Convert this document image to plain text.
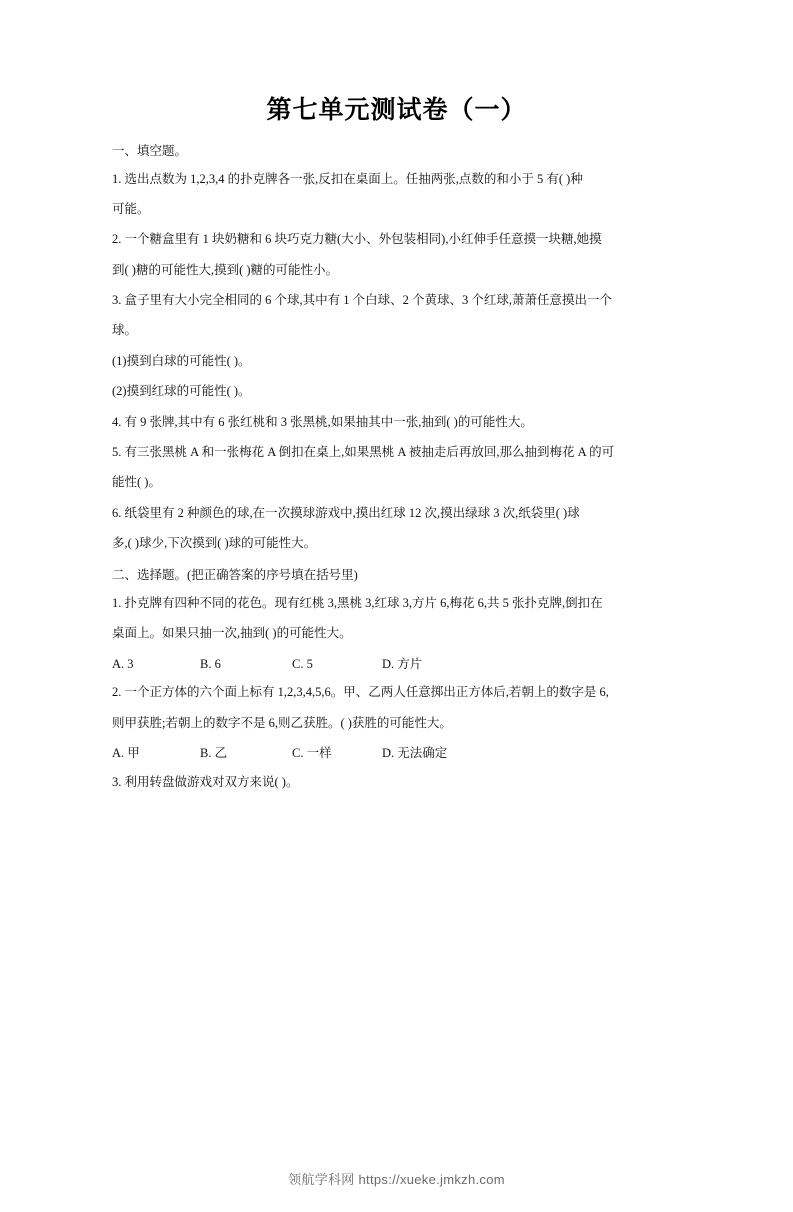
第七单元测试卷（一）
一、填空题。
1. 选出点数为 1,2,3,4 的扑克牌各一张,反扣在桌面上。任抽两张,点数的和小于 5 有( )种
可能。
2. 一个糖盒里有 1 块奶糖和 6 块巧克力糖(大小、外包装相同),小红伸手任意摸一块糖,她摸
到( )糖的可能性大,摸到( )糖的可能性小。
3. 盒子里有大小完全相同的 6 个球,其中有 1 个白球、2 个黄球、3 个红球,萧萧任意摸出一个
球。
(1)摸到白球的可能性( )。
(2)摸到红球的可能性( )。
4. 有 9 张牌,其中有 6 张红桃和 3 张黑桃,如果抽其中一张,抽到( )的可能性大。
5. 有三张黑桃 A 和一张梅花 A 倒扣在桌上,如果黑桃 A 被抽走后再放回,那么抽到梅花 A 的可
能性( )。
6. 纸袋里有 2 种颜色的球,在一次摸球游戏中,摸出红球 12 次,摸出绿球 3 次,纸袋里( )球
多,( )球少,下次摸到( )球的可能性大。
二、选择题。(把正确答案的序号填在括号里)
1. 扑克牌有四种不同的花色。现有红桃 3,黑桃 3,红球 3,方片 6,梅花 6,共 5 张扑克牌,倒扣在
桌面上。如果只抽一次,抽到( )的可能性大。
A. 3	B. 6	C. 5	D. 方片
2. 一个正方体的六个面上标有 1,2,3,4,5,6。甲、乙两人任意掷出正方体后,若朝上的数字是 6,
则甲获胜;若朝上的数字不是 6,则乙获胜。( )获胜的可能性大。
A. 甲	B. 乙	C. 一样	D. 无法确定
3. 利用转盘做游戏对双方来说( )。
领航学科网 https://xueke.jmkzh.com
